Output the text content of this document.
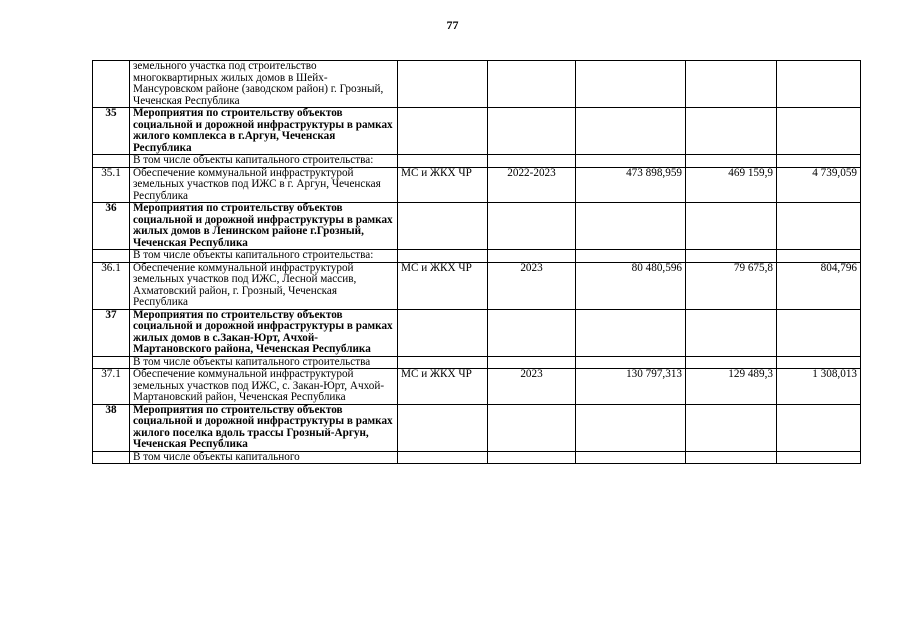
77
	земельного участка под строительство многоквартирных жилых домов в Шейх-Мансуровском районе (заводском район) г. Грозный, Чеченская Республика					
35	Мероприятия по строительству объектов социальной и дорожной инфраструктуры в рамках жилого комплекса в г.Аргун, Чеченская Республика					
	В том числе объекты капитального строительства:					
35.1	Обеспечение коммунальной инфраструктурой земельных участков под ИЖС в г. Аргун, Чеченская Республика	МС и ЖКХ ЧР	2022-2023	473 898,959	469 159,9	4 739,059
36	Мероприятия по строительству объектов социальной и дорожной инфраструктуры в рамках жилых домов в Ленинском районе г.Грозный, Чеченская Республика					
	В том числе объекты капитального строительства:					
36.1	Обеспечение коммунальной инфраструктурой земельных участков под ИЖС, Лесной массив, Ахматовский район, г. Грозный, Чеченская Республика	МС и ЖКХ ЧР	2023	80 480,596	79 675,8	804,796
37	Мероприятия по строительству объектов социальной и дорожной инфраструктуры в рамках жилых домов в с.Закан-Юрт, Ачхой-Мартановского района, Чеченская Республика					
	В том числе объекты капитального строительства					
37.1	Обеспечение коммунальной инфраструктурой земельных участков под ИЖС, с. Закан-Юрт, Ачхой-Мартановский район, Чеченская Республика	МС и ЖКХ ЧР	2023	130 797,313	129 489,3	1 308,013
38	Мероприятия по строительству объектов социальной и дорожной инфраструктуры в рамках жилого поселка вдоль трассы Грозный-Аргун, Чеченская Республика					
	В том числе объекты капитального					
